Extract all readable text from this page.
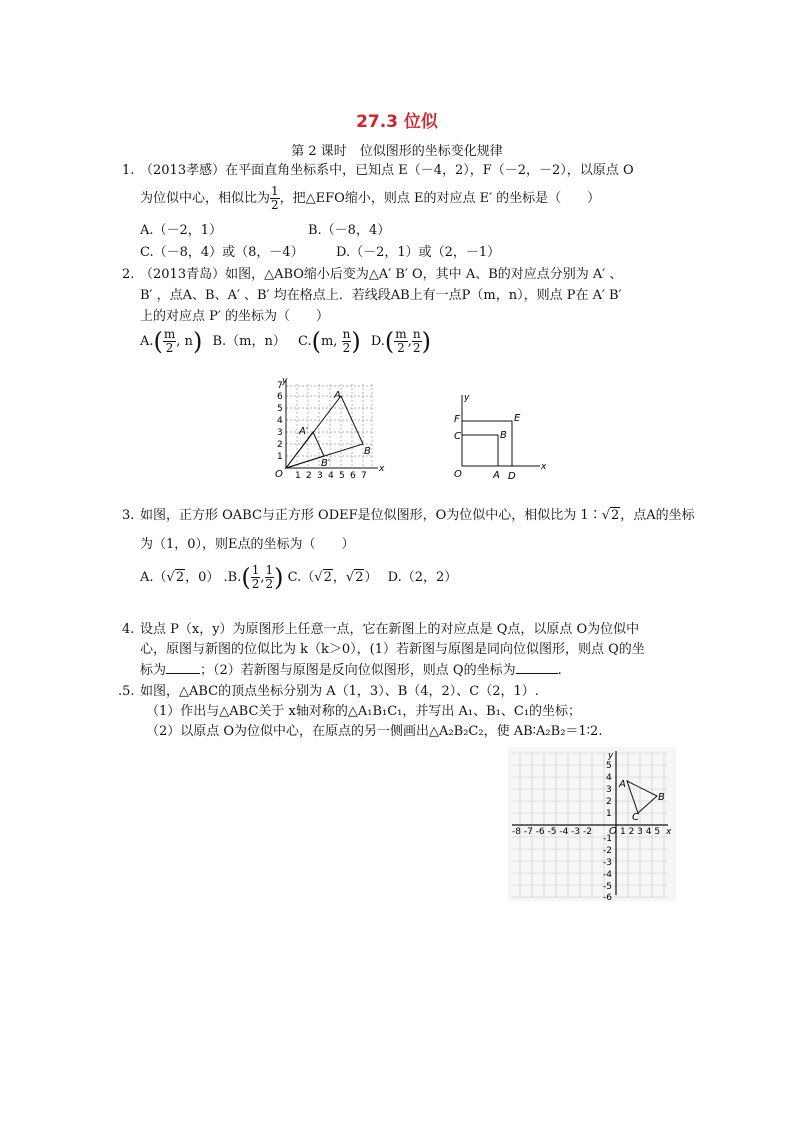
27.3 位似
第 2 课时　位似图形的坐标变化规律
1. （2013孝感）在平面直角坐标系中，已知点 E（－4，2），F（－2，－2），以原点 O
为位似中心，相似比为 $\frac{1}{2}$ ，把△EFO缩小，则点 E的对应点 E′ 的坐标是（　　）
A.（－2，1）	B.（－8，4）
C.（－8，4）或（8，－4） D.（－2，1）或（2，－1）
2. （2013青岛）如图，△ABO缩小后变为△A′ B′ O，其中 A、B的对应点分别为 A′ 、
B′ ，点A、B、A′ 、B′ 均在格点上．若线段AB上有一点P（m，n），则点 P在 A′ B′
上的对应点 P′ 的坐标为（　　）
$A.( \frac{m}{2}$ , n) B.（m，n） C.(m, $\frac{n}{2}$ ) $D.( \frac{m}{2}$ , $\frac{n}{2}$ )
x
y
O 1 2 3 4 5 6 7
1
2
3
4
5
6
7
A
B
A′
B′	x
y
O
F	E
C	B
A D
3. 如图，正方形 OABC与正方形 ODEF是位似图形，O为位似中心，相似比为 1∶√2，点A的坐标
为（1，0），则E点的坐标为（　　）
A.（√2，0） $.B.( \frac{1}{2}$ , $\frac{1}{2}$ ) C.（√2，√2） D.（2，2）
4. 设点 P（x，y）为原图形上任意一点，它在新图上的对应点是 Q点，以原点 O为位似中
心，原图与新图的位似比为 k（k＞0），(1）若新图与原图是同向位似图形，则点 Q的坐
标为	；（2）若新图与原图是反向位似图形，则点 Q的坐标为	.
.5. 如图，△ABC的顶点坐标分别为 A（1，3）、B（4，2）、C（2，1）.
（1）作出与△ABC关于 x轴对称的△A₁B₁C₁，并写出 A₁、B₁、C₁的坐标；
（2）以原点 O为位似中心，在原点的另一侧画出△A₂B₂C₂，使 AB∶A₂B₂＝1∶2.
x
y
O
-8 -7 -6 -5 -4 -3 -2	1 2 3 4 5
5
4
3
2
1
-1
-2
-3
-4
-5
-6
A
B
C
